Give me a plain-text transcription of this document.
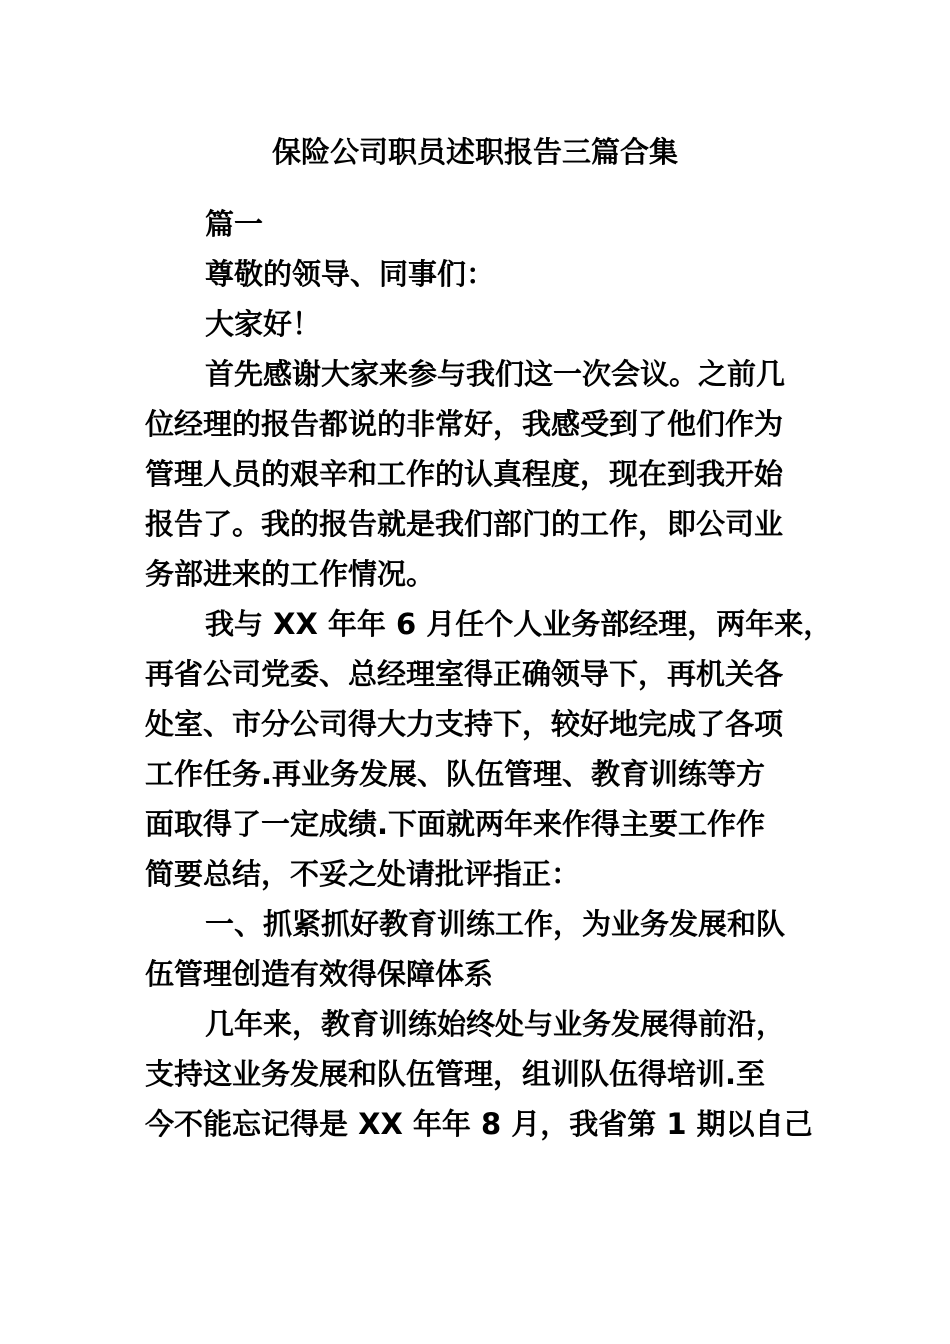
保险公司职员述职报告三篇合集
篇一
尊敬的领导、同事们：
大家好！

首先感谢大家来参与我们这一次会议。之前几
位经理的报告都说的非常好，我感受到了他们作为
管理人员的艰辛和工作的认真程度，现在到我开始
报告了。我的报告就是我们部门的工作，即公司业
务部进来的工作情况。

我与 XX 年年 6 月任个人业务部经理，两年来，
再省公司党委、总经理室得正确领导下，再机关各
处室、市分公司得大力支持下，较好地完成了各项
工作任务.再业务发展、队伍管理、教育训练等方
面取得了一定成绩.下面就两年来作得主要工作作
简要总结，不妥之处请批评指正：

一、抓紧抓好教育训练工作，为业务发展和队
伍管理创造有效得保障体系

几年来，教育训练始终处与业务发展得前沿，
支持这业务发展和队伍管理，组训队伍得培训.至
今不能忘记得是 XX 年年 8 月，我省第 1 期以自己
